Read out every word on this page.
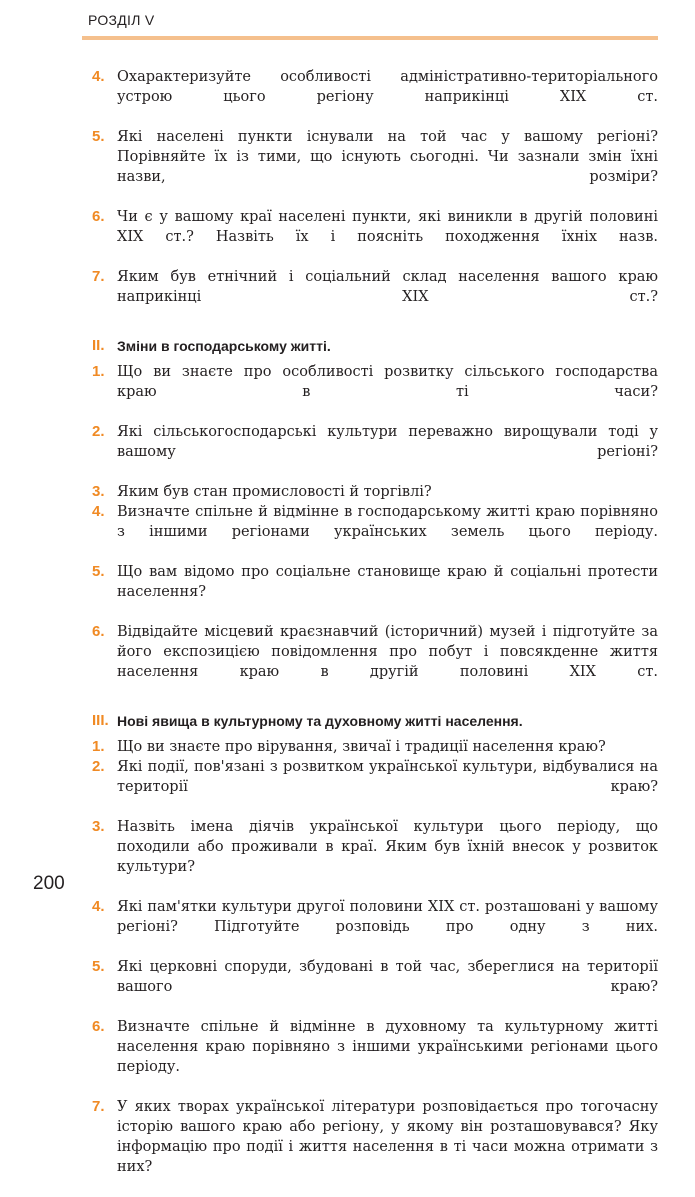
РОЗДІЛ V
4. Охарактеризуйте особливості адміністративно-територіального устрою цього регіону наприкінці XIX ст.
5. Які населені пункти існували на той час у вашому регіоні? Порівняйте їх із тими, що існують сьогодні. Чи зазнали змін їхні назви, розміри?
6. Чи є у вашому краї населені пункти, які виникли в другій половині XIX ст.? Назвіть їх і поясніть походження їхніх назв.
7. Яким був етнічний і соціальний склад населення вашого краю наприкінці XIX ст.?
II. Зміни в господарському житті.
1. Що ви знаєте про особливості розвитку сільського господарства краю в ті часи?
2. Які сільськогосподарські культури переважно вирощували тоді у вашому регіоні?
3. Яким був стан промисловості й торгівлі?
4. Визначте спільне й відмінне в господарському житті краю порівняно з іншими регіонами українських земель цього періоду.
5. Що вам відомо про соціальне становище краю й соціальні протести населення?
6. Відвідайте місцевий краєзнавчий (історичний) музей і підготуйте за його експозицією повідомлення про побут і повсякденне життя населення краю в другій половині XIX ст.
III. Нові явища в культурному та духовному житті населення.
1. Що ви знаєте про вірування, звичаї і традиції населення краю?
2. Які події, пов'язані з розвитком української культури, відбувалися на території краю?
3. Назвіть імена діячів української культури цього періоду, що походили або проживали в краї. Яким був їхній внесок у розвиток культури?
4. Які пам'ятки культури другої половини XIX ст. розташовані у вашому регіоні? Підготуйте розповідь про одну з них.
5. Які церковні споруди, збудовані в той час, збереглися на території вашого краю?
6. Визначте спільне й відмінне в духовному та культурному житті населення краю порівняно з іншими українськими регіонами цього періоду.
7. У яких творах української літератури розповідається про тогочасну історію вашого краю або регіону, у якому він розташовувався? Яку інформацію про події і життя населення в ті часи можна отримати з них?
200
